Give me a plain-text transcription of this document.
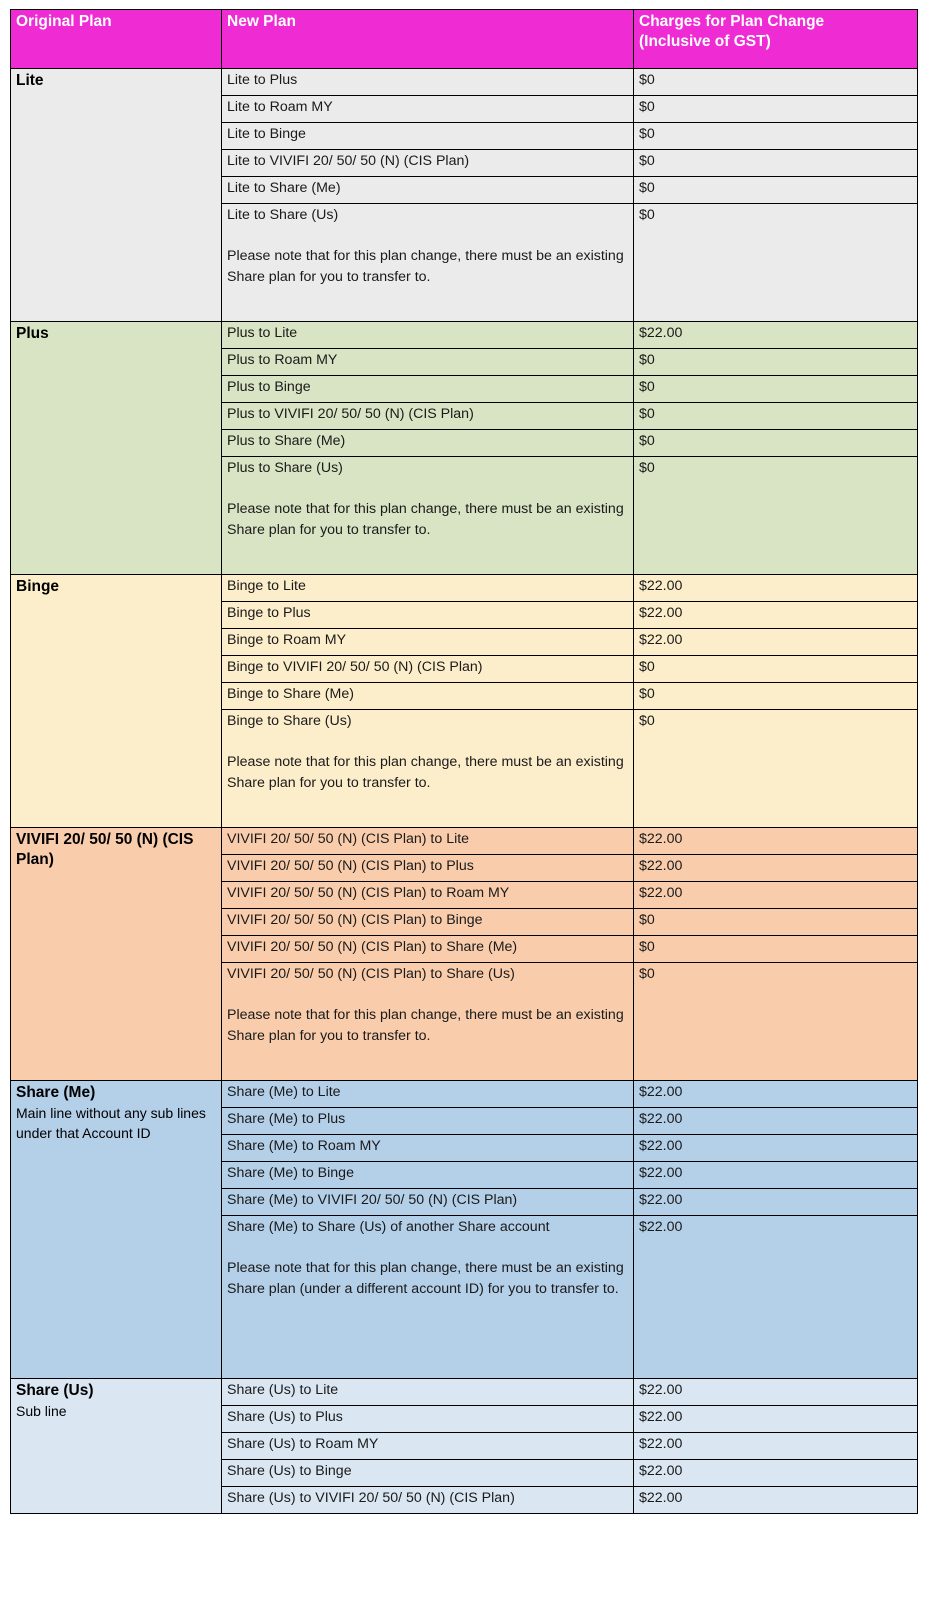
Original Plan	New Plan	Charges for Plan Change
(Inclusive of GST)
Lite	Lite to Plus	$0
	Lite to Roam MY	$0
	Lite to Binge	$0
	Lite to VIVIFI 20/ 50/ 50 (N) (CIS Plan)	$0
	Lite to Share (Me)	$0
	Lite to Share (Us)
Please note that for this plan change, there must be an existing Share plan for you to transfer to.	$0
Plus	Plus to Lite	$22.00
	Plus to Roam MY	$0
	Plus to Binge	$0
	Plus to VIVIFI 20/ 50/ 50 (N) (CIS Plan)	$0
	Plus to Share (Me)	$0
	Plus to Share (Us)
Please note that for this plan change, there must be an existing Share plan for you to transfer to.	$0
Binge	Binge to Lite	$22.00
	Binge to Plus	$22.00
	Binge to Roam MY	$22.00
	Binge to VIVIFI 20/ 50/ 50 (N) (CIS Plan)	$0
	Binge to Share (Me)	$0
	Binge to Share (Us)
Please note that for this plan change, there must be an existing Share plan for you to transfer to.	$0
VIVIFI 20/ 50/ 50 (N) (CIS Plan)	VIVIFI 20/ 50/ 50 (N) (CIS Plan) to Lite	$22.00
	VIVIFI 20/ 50/ 50 (N) (CIS Plan) to Plus	$22.00
	VIVIFI 20/ 50/ 50 (N) (CIS Plan) to Roam MY	$22.00
	VIVIFI 20/ 50/ 50 (N) (CIS Plan) to Binge	$0
	VIVIFI 20/ 50/ 50 (N) (CIS Plan) to Share (Me)	$0
	VIVIFI 20/ 50/ 50 (N) (CIS Plan) to Share (Us)
Please note that for this plan change, there must be an existing Share plan for you to transfer to.	$0
Share (Me)
Main line without any sub lines under that Account ID	Share (Me) to Lite	$22.00
	Share (Me) to Plus	$22.00
	Share (Me) to Roam MY	$22.00
	Share (Me) to Binge	$22.00
	Share (Me) to VIVIFI 20/ 50/ 50 (N) (CIS Plan)	$22.00
	Share (Me) to Share (Us) of another Share account
Please note that for this plan change, there must be an existing Share plan (under a different account ID) for you to transfer to.	$22.00
Share (Us)
Sub line	Share (Us) to Lite	$22.00
	Share (Us) to Plus	$22.00
	Share (Us) to Roam MY	$22.00
	Share (Us) to Binge	$22.00
	Share (Us) to VIVIFI 20/ 50/ 50 (N) (CIS Plan)	$22.00
